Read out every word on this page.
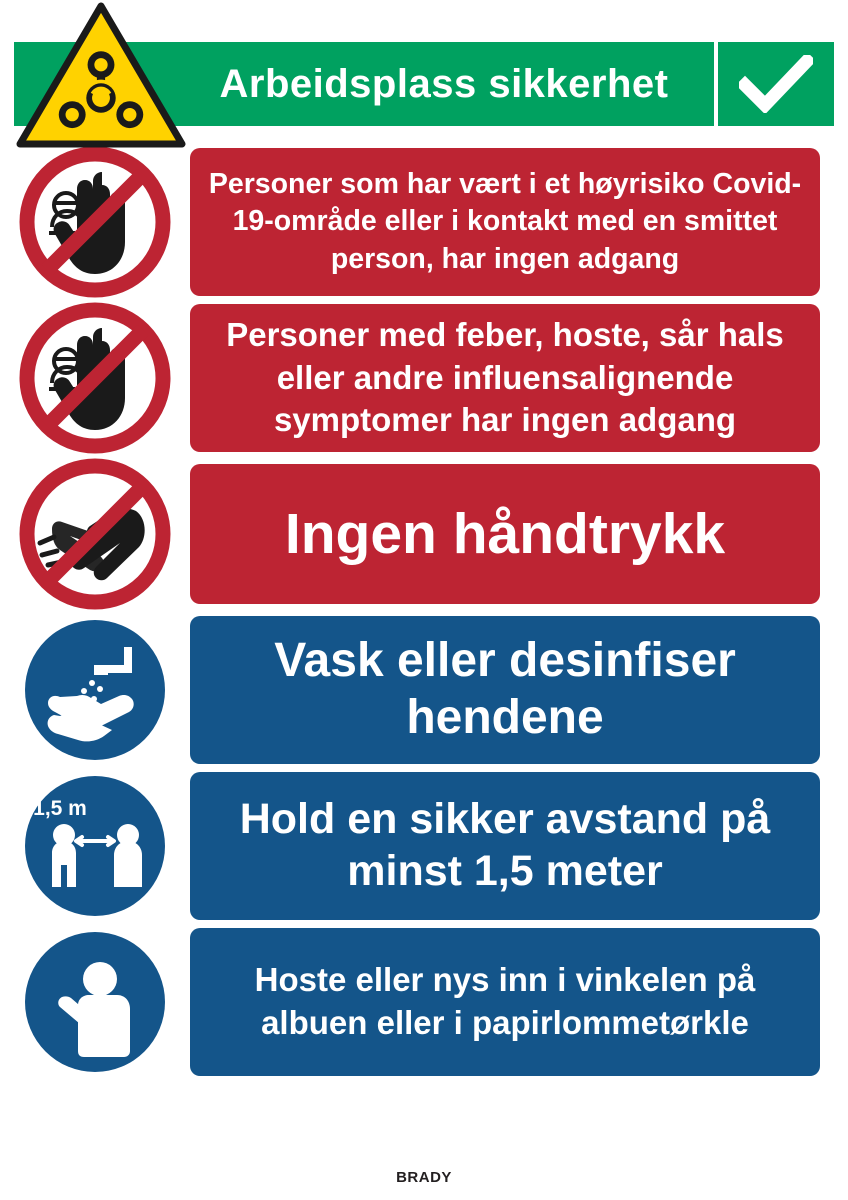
Arbeidsplass sikkerhet
Personer som har vært i et høyrisiko Covid-19-område eller i kontakt med en smittet person, har ingen adgang
Personer med feber, hoste, sår hals eller andre influensalignende symptomer har ingen adgang
Ingen håndtrykk
Vask eller desinfiser hendene
1,5 m	Hold en sikker avstand på minst 1,5 meter
Hoste eller nys inn i vinkelen på albuen eller i papirlommetørkle
BRADY
